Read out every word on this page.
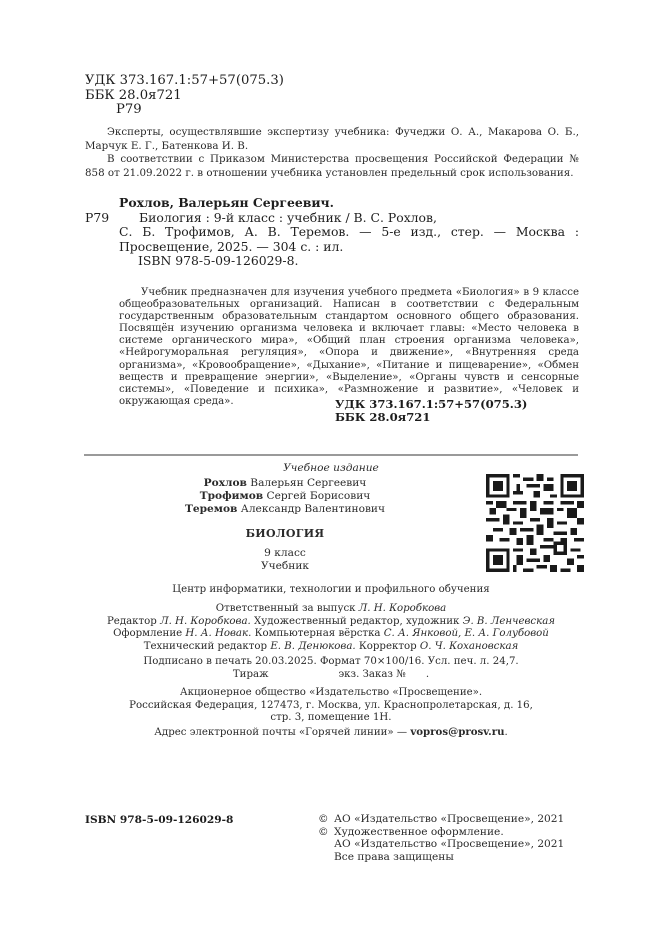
УДК 373.167.1:57+57(075.3)
ББК 28.0я721
Р79
Эксперты, осуществлявшие экспертизу учебника: Фучеджи О. А., Макарова О. Б., Марчук Е. Г., Батенкова И. В.
В соответствии с Приказом Министерства просвещения Российской Федерации № 858 от 21.09.2022 г. в отношении учебника установлен предельный срок использования.
Рохлов, Валерьян Сергеевич.
Р79	Биология : 9-й класс : учебник / В. С. Рохлов,
С. Б. Трофимов, А. В. Теремов. — 5-е изд., стер. — Москва : Просвещение, 2025. — 304 с. : ил.
ISBN 978-5-09-126029-8.
Учебник предназначен для изучения учебного предмета «Биология» в 9 классе общеобразовательных организаций. Написан в соответствии с Федеральным государственным образовательным стандартом основного общего образования. Посвящён изучению организма человека и включает главы: «Место человека в системе органического мира», «Общий план строения организма человека», «Нейрогуморальная регуляция», «Опора и движение», «Внутренняя среда организма», «Кровообращение», «Дыхание», «Питание и пищеварение», «Обмен веществ и превращение энергии», «Выделение», «Органы чувств и сенсорные системы», «Поведение и психика», «Размножение и развитие», «Человек и окружающая среда».	УДК 373.167.1:57+57(075.3)
ББК 28.0я721
Учебное издание
Рохлов Валерьян Сергеевич
Трофимов Сергей Борисович
Теремов Александр Валентинович
БИОЛОГИЯ
9 класс
Учебник
Центр информатики, технологии и профильного обучения
Ответственный за выпуск Л. Н. Коробкова
Редактор Л. Н. Коробкова. Художественный редактор, художник Э. В. Ленчевская
Оформление Н. А. Новак. Компьютерная вёрстка С. А. Янковой, Е. А. Голубовой
Технический редактор Е. В. Денюкова. Корректор О. Ч. Кохановская
Подписано в печать 20.03.2025. Формат 70×100/16. Усл. печ. л. 24,7.
Тираж	экз. Заказ № .
Акционерное общество «Издательство «Просвещение».
Российская Федерация, 127473, г. Москва, ул. Краснопролетарская, д. 16,
стр. 3, помещение 1Н.
Адрес электронной почты «Горячей линии» — vopros@prosv.ru.
ISBN 978-5-09-126029-8	© АО «Издательство «Просвещение», 2021
© Художественное оформление.
АО «Издательство «Просвещение», 2021
Все права защищены
